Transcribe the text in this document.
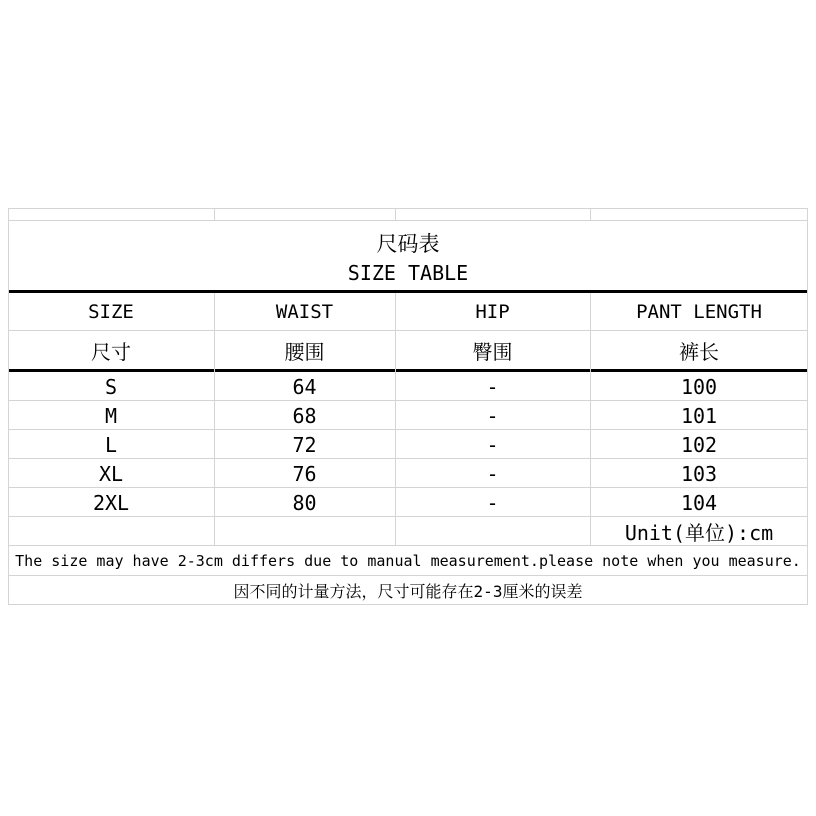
尺码表
SIZE TABLE
SIZE	WAIST	HIP	PANT LENGTH
尺寸	腰围	臀围	裤长
S	64	-	100
M	68	-	101
L	72	-	102
XL	76	-	103
2XL	80	-	104
Unit(单位):cm
The size may have 2-3cm differs due to manual measurement.please note when you measure.
因不同的计量方法，尺寸可能存在2-3厘米的误差
